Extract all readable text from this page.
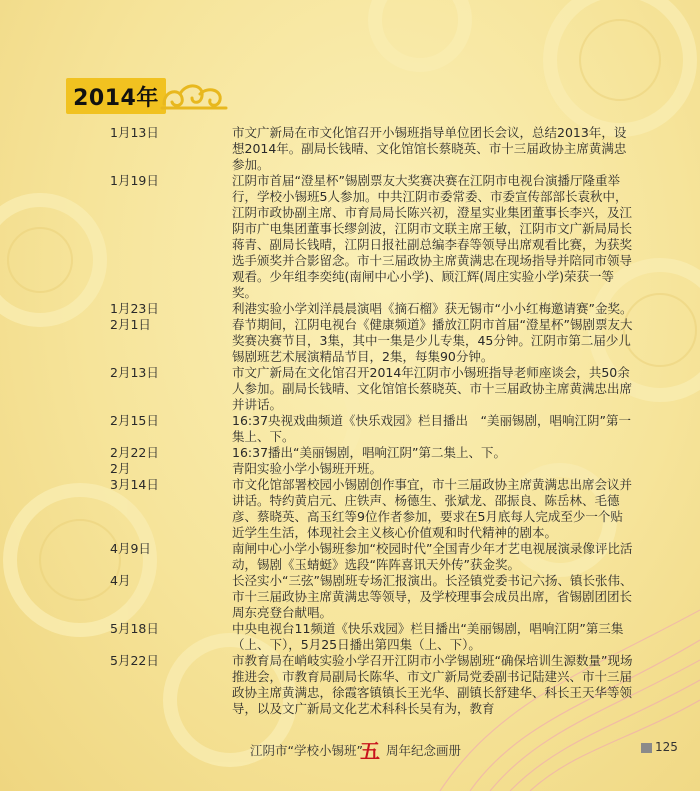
2014年
1月13日	市文广新局在市文化馆召开小锡班指导单位团长会议，总结2013年，设想2014年。副局长钱晴、文化馆馆长蔡晓英、市十三届政协主席黄满忠参加。
1月19日	江阴市首届“澄星杯”锡剧票友大奖赛决赛在江阴市电视台演播厅隆重举行，学校小锡班5人参加。中共江阴市委常委、市委宣传部部长袁秋中，江阴市政协副主席、市育局局长陈兴初，澄星实业集团董事长李兴，及江阴市广电集团董事长缪剑波，江阴市文联主席王敏，江阴市文广新局局长蒋青、副局长钱晴，江阴日报社副总编李春等领导出席观看比赛，为获奖选手颁奖并合影留念。市十三届政协主席黄满忠在现场指导并陪同市领导观看。少年组李奕纯(南闸中心小学)、顾江辉(周庄实验小学)荣获一等奖。
1月23日	利港实验小学刘洋晨晨演唱《摘石榴》获无锡市“小小红梅邀请赛”金奖。
2月1日	春节期间，江阴电视台《健康频道》播放江阴市首届“澄星杯”锡剧票友大奖赛决赛节目，3集，其中一集是少儿专集，45分钟。江阴市第二届少儿锡剧班艺术展演精品节目，2集，每集90分钟。
2月13日	市文广新局在文化馆召开2014年江阴市小锡班指导老师座谈会，共50余人参加。副局长钱晴、文化馆馆长蔡晓英、市十三届政协主席黄满忠出席并讲话。
2月15日	16:37央视戏曲频道《快乐戏园》栏目播出　“美丽锡剧，唱响江阴”第一集上、下。
2月22日	16:37播出“美丽锡剧，唱响江阴”第二集上、下。
2月	青阳实验小学小锡班开班。
3月14日	市文化馆部署校园小锡剧创作事宜，市十三届政协主席黄满忠出席会议并讲话。特约黄启元、庄铁声、杨德生、张斌龙、邵振良、陈岳林、毛德彦、蔡晓英、高玉红等9位作者参加，要求在5月底每人完成至少一个贴近学生生活，体现社会主义核心价值观和时代精神的剧本。
4月9日	南闸中心小学小锡班参加“校园时代”全国青少年才艺电视展演录像评比活动，锡剧《玉蜻蜓》选段“阵阵喜讯天外传”获金奖。
4月	长泾实小“三弦”锡剧班专场汇报演出。长泾镇党委书记六扬、镇长张伟、市十三届政协主席黄满忠等领导，及学校理事会成员出席，省锡剧团团长周东亮登台献唱。
5月18日	中央电视台11频道《快乐戏园》栏目播出“美丽锡剧，唱响江阴”第三集（上、下），5月25日播出第四集（上、下）。
5月22日	市教育局在峭岐实验小学召开江阴市小学锡剧班“确保培训生源数量”现场推进会，市教育局副局长陈华、市文广新局党委副书记陆建兴、市十三届政协主席黄满忠，徐霞客镇镇长王光华、副镇长舒建华、科长王天华等领导，以及文广新局文化艺术科科长吴有为，教育
江阴市“学校小锡班”
五 周年纪念画册	125
